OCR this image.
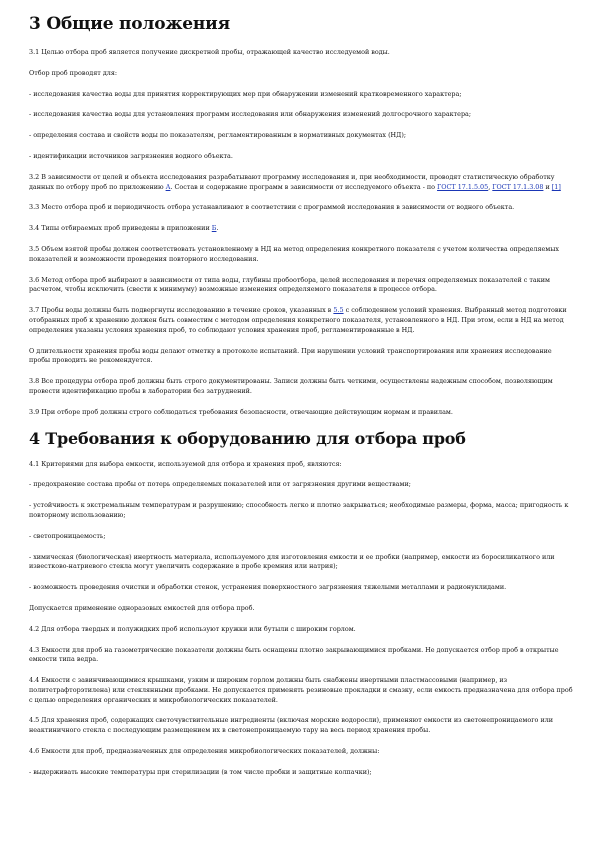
3 Общие положения

3.1 Целью отбора проб является получение дискретной пробы, отражающей качество исследуемой воды.

Отбор проб проводят для:

- исследования качества воды для принятия корректирующих мер при обнаружении изменений кратковременного характера;

- исследования качества воды для установления программ исследования или обнаружения изменений долгосрочного характера;

- определения состава и свойств воды по показателям, регламентированным в нормативных документах (НД);

- идентификации источников загрязнения водного объекта.

3.2 В зависимости от целей и объекта исследования разрабатывают программу исследования и, при необходимости, проводят статистическую обработку данных по отбору проб по приложению А. Состав и содержание программ в зависимости от исследуемого объекта - по ГОСТ 17.1.5.05, ГОСТ 17.1.3.08 и [1]

3.3 Место отбора проб и периодичность отбора устанавливают в соответствии с программой исследования в зависимости от водного объекта.

3.4 Типы отбираемых проб приведены в приложении Б.

3.5 Объем взятой пробы должен соответствовать установленному в НД на метод определения конкретного показателя с учетом количества определяемых показателей и возможности проведения повторного исследования.

3.6 Метод отбора проб выбирают в зависимости от типа воды, глубины пробоотбора, целей исследования и перечня определяемых показателей с таким расчетом, чтобы исключить (свести к минимуму) возможные изменения определяемого показателя в процессе отбора.

3.7 Пробы воды должны быть подвергнуты исследованию в течение сроков, указанных в 5.5 с соблюдением условий хранения. Выбранный метод подготовки отобранных проб к хранению должен быть совместим с методом определения конкретного показателя, установленного в НД. При этом, если в НД на метод определения указаны условия хранения проб, то соблюдают условия хранения проб, регламентированные в НД.

О длительности хранения пробы воды делают отметку в протоколе испытаний. При нарушении условий транспортирования или хранения исследование пробы проводить не рекомендуется.

3.8 Все процедуры отбора проб должны быть строго документированы. Записи должны быть четкими, осуществлены надежным способом, позволяющим провести идентификацию пробы в лаборатории без затруднений.

3.9 При отборе проб должны строго соблюдаться требования безопасности, отвечающие действующим нормам и правилам.

4 Требования к оборудованию для отбора проб

4.1 Критериями для выбора емкости, используемой для отбора и хранения проб, являются:

- предохранение состава пробы от потерь определяемых показателей или от загрязнения другими веществами;

- устойчивость к экстремальным температурам и разрушению; способность легко и плотно закрываться; необходимые размеры, форма, масса; пригодность к повторному использованию;

- светопроницаемость;

- химическая (биологическая) инертность материала, используемого для изготовления емкости и ее пробки (например, емкости из боросиликатного или известково-натриевого стекла могут увеличить содержание в пробе кремния или натрия);

- возможность проведения очистки и обработки стенок, устранения поверхностного загрязнения тяжелыми металлами и радионуклидами.

Допускается применение одноразовых емкостей для отбора проб.

4.2 Для отбора твердых и полужидких проб используют кружки или бутыли с широким горлом.

4.3 Емкости для проб на газометрические показатели должны быть оснащены плотно закрывающимися пробками. Не допускается отбор проб в открытые емкости типа ведра.

4.4 Емкости с завинчивающимися крышками, узким и широким горлом должны быть снабжены инертными пластмассовыми (например, из политетрафторэтилена) или стеклянными пробками. Не допускается применять резиновые прокладки и смазку, если емкость предназначена для отбора проб с целью определения органических и микробиологических показателей.

4.5 Для хранения проб, содержащих светочувствительные ингредиенты (включая морские водоросли), применяют емкости из светонепроницаемого или неактиничного стекла с последующим размещением их в светонепроницаемую тару на весь период хранения пробы.

4.6 Емкости для проб, предназначенных для определения микробиологических показателей, должны:

- выдерживать высокие температуры при стерилизации (в том числе пробки и защитные колпачки);
